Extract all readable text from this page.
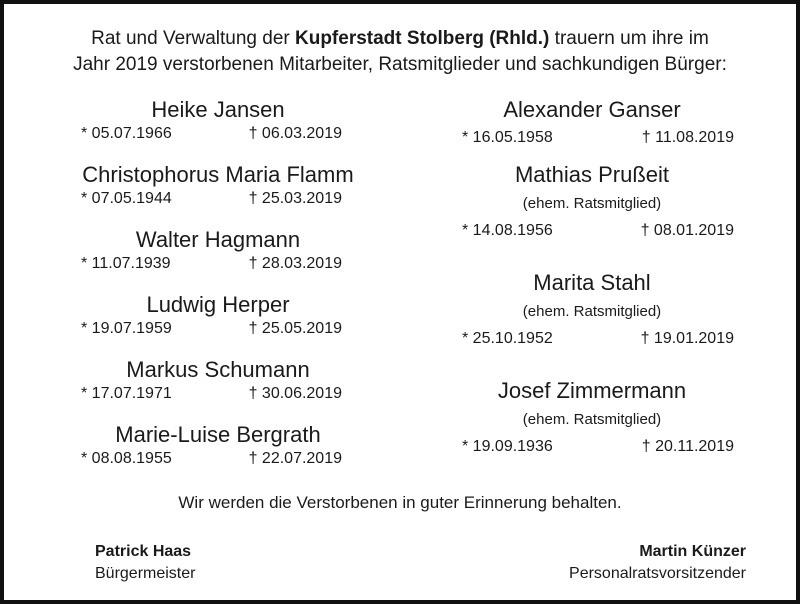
Rat und Verwaltung der Kupferstadt Stolberg (Rhld.) trauern um ihre im
Jahr 2019 verstorbenen Mitarbeiter, Ratsmitglieder und sachkundigen Bürger:
Heike Jansen
* 05.07.1966	† 06.03.2019
Christophorus Maria Flamm
* 07.05.1944	† 25.03.2019
Walter Hagmann
* 11.07.1939	† 28.03.2019
Ludwig Herper
* 19.07.1959	† 25.05.2019
Markus Schumann
* 17.07.1971	† 30.06.2019
Marie-Luise Bergrath
* 08.08.1955	† 22.07.2019
Alexander Ganser
* 16.05.1958	† 11.08.2019
Mathias Prußeit
(ehem. Ratsmitglied)
* 14.08.1956	† 08.01.2019
Marita Stahl
(ehem. Ratsmitglied)
* 25.10.1952	† 19.01.2019
Josef Zimmermann
(ehem. Ratsmitglied)
* 19.09.1936	† 20.11.2019
Wir werden die Verstorbenen in guter Erinnerung behalten.
Patrick Haas
Bürgermeister
Martin Künzer
Personalratsvorsitzender
